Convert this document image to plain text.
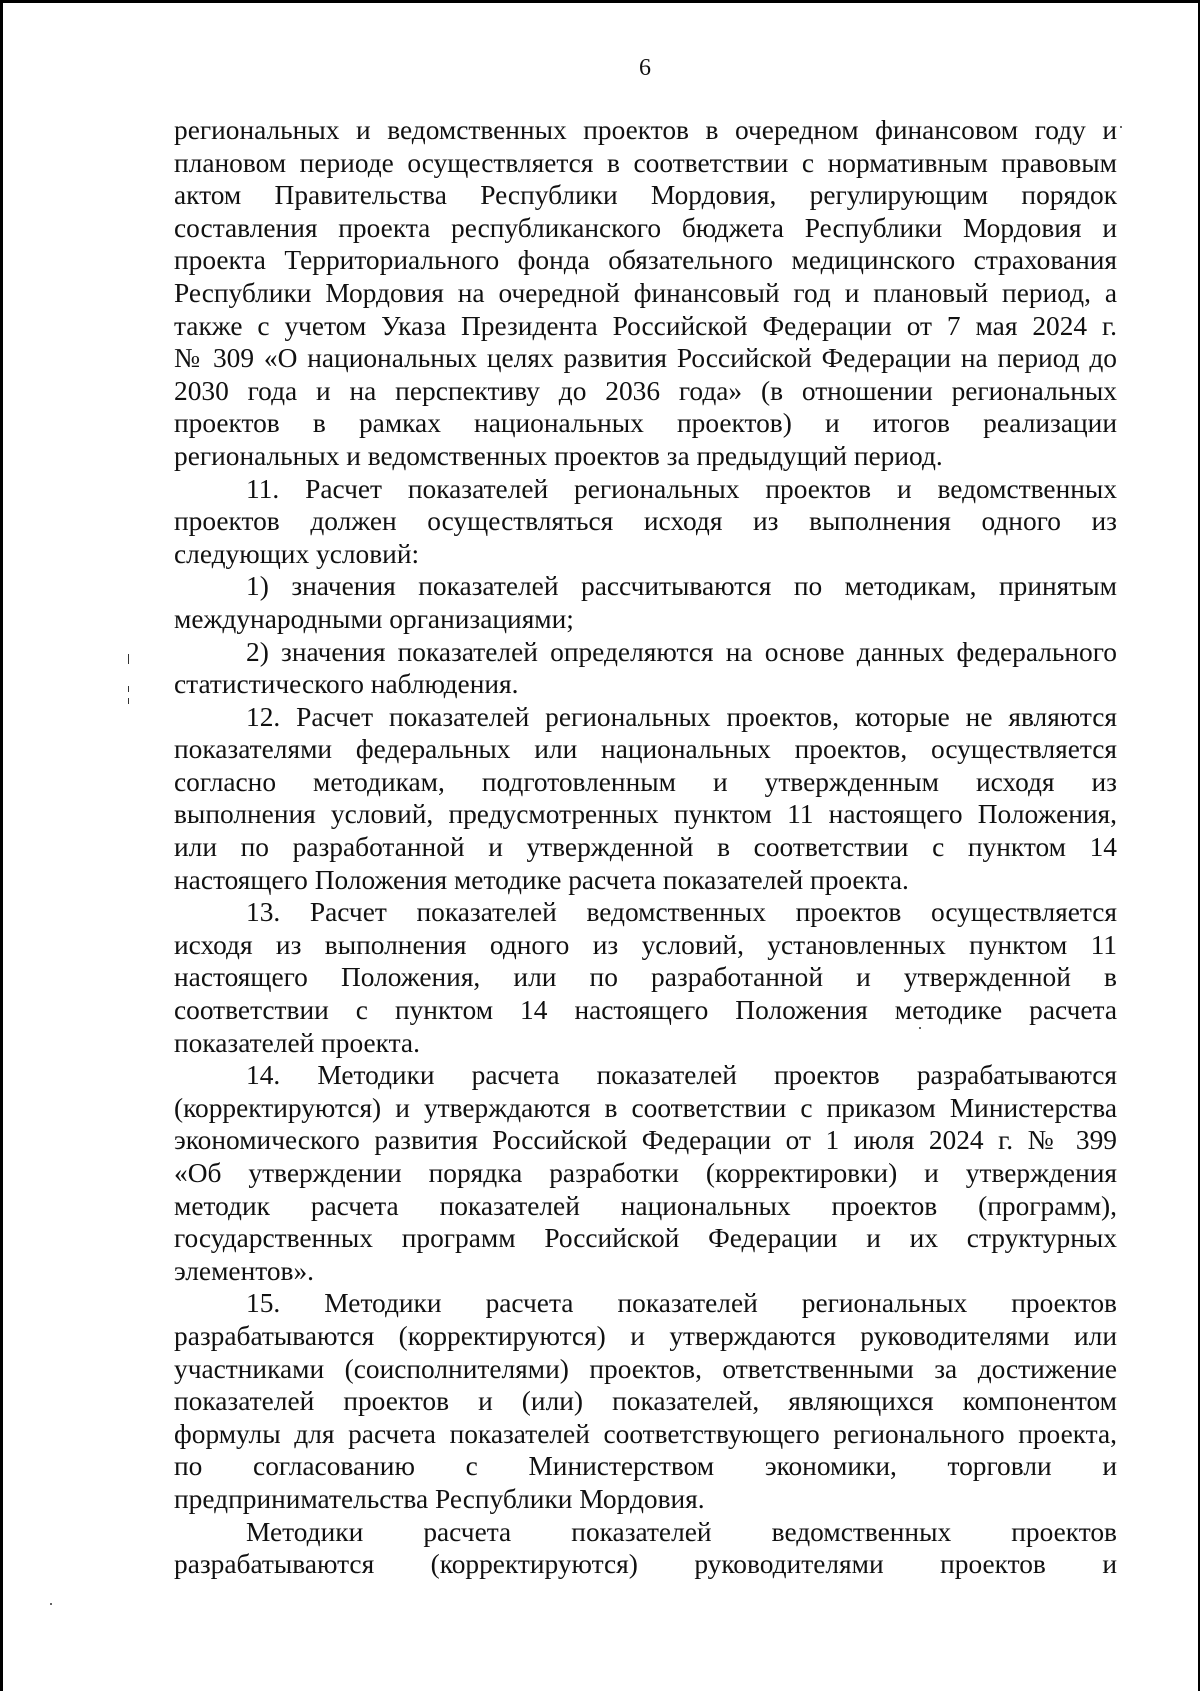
6
региональных и ведомственных проектов в очередном финансовом году и
плановом периоде осуществляется в соответствии с нормативным правовым
актом Правительства Республики Мордовия, регулирующим порядок
составления проекта республиканского бюджета Республики Мордовия и
проекта Территориального фонда обязательного медицинского страхования
Республики Мордовия на очередной финансовый год и плановый период, а
также с учетом Указа Президента Российской Федерации от 7 мая 2024 г.
№ 309 «О национальных целях развития Российской Федерации на период до
2030 года и на перспективу до 2036 года» (в отношении региональных
проектов в рамках национальных проектов) и итогов реализации
региональных и ведомственных проектов за предыдущий период.
11. Расчет показателей региональных проектов и ведомственных
проектов должен осуществляться исходя из выполнения одного из
следующих условий:
1) значения показателей рассчитываются по методикам, принятым
международными организациями;
2) значения показателей определяются на основе данных федерального
статистического наблюдения.
12. Расчет показателей региональных проектов, которые не являются
показателями федеральных или национальных проектов, осуществляется
согласно методикам, подготовленным и утвержденным исходя из
выполнения условий, предусмотренных пунктом 11 настоящего Положения,
или по разработанной и утвержденной в соответствии с пунктом 14
настоящего Положения методике расчета показателей проекта.
13. Расчет показателей ведомственных проектов осуществляется
исходя из выполнения одного из условий, установленных пунктом 11
настоящего Положения, или по разработанной и утвержденной в
соответствии с пунктом 14 настоящего Положения методике расчета
показателей проекта.
14. Методики расчета показателей проектов разрабатываются
(корректируются) и утверждаются в соответствии с приказом Министерства
экономического развития Российской Федерации от 1 июля 2024 г. № 399
«Об утверждении порядка разработки (корректировки) и утверждения
методик расчета показателей национальных проектов (программ),
государственных программ Российской Федерации и их структурных
элементов».
15. Методики расчета показателей региональных проектов
разрабатываются (корректируются) и утверждаются руководителями или
участниками (соисполнителями) проектов, ответственными за достижение
показателей проектов и (или) показателей, являющихся компонентом
формулы для расчета показателей соответствующего регионального проекта,
по согласованию с Министерством экономики, торговли и
предпринимательства Республики Мордовия.
Методики расчета показателей ведомственных проектов
разрабатываются (корректируются) руководителями проектов и
